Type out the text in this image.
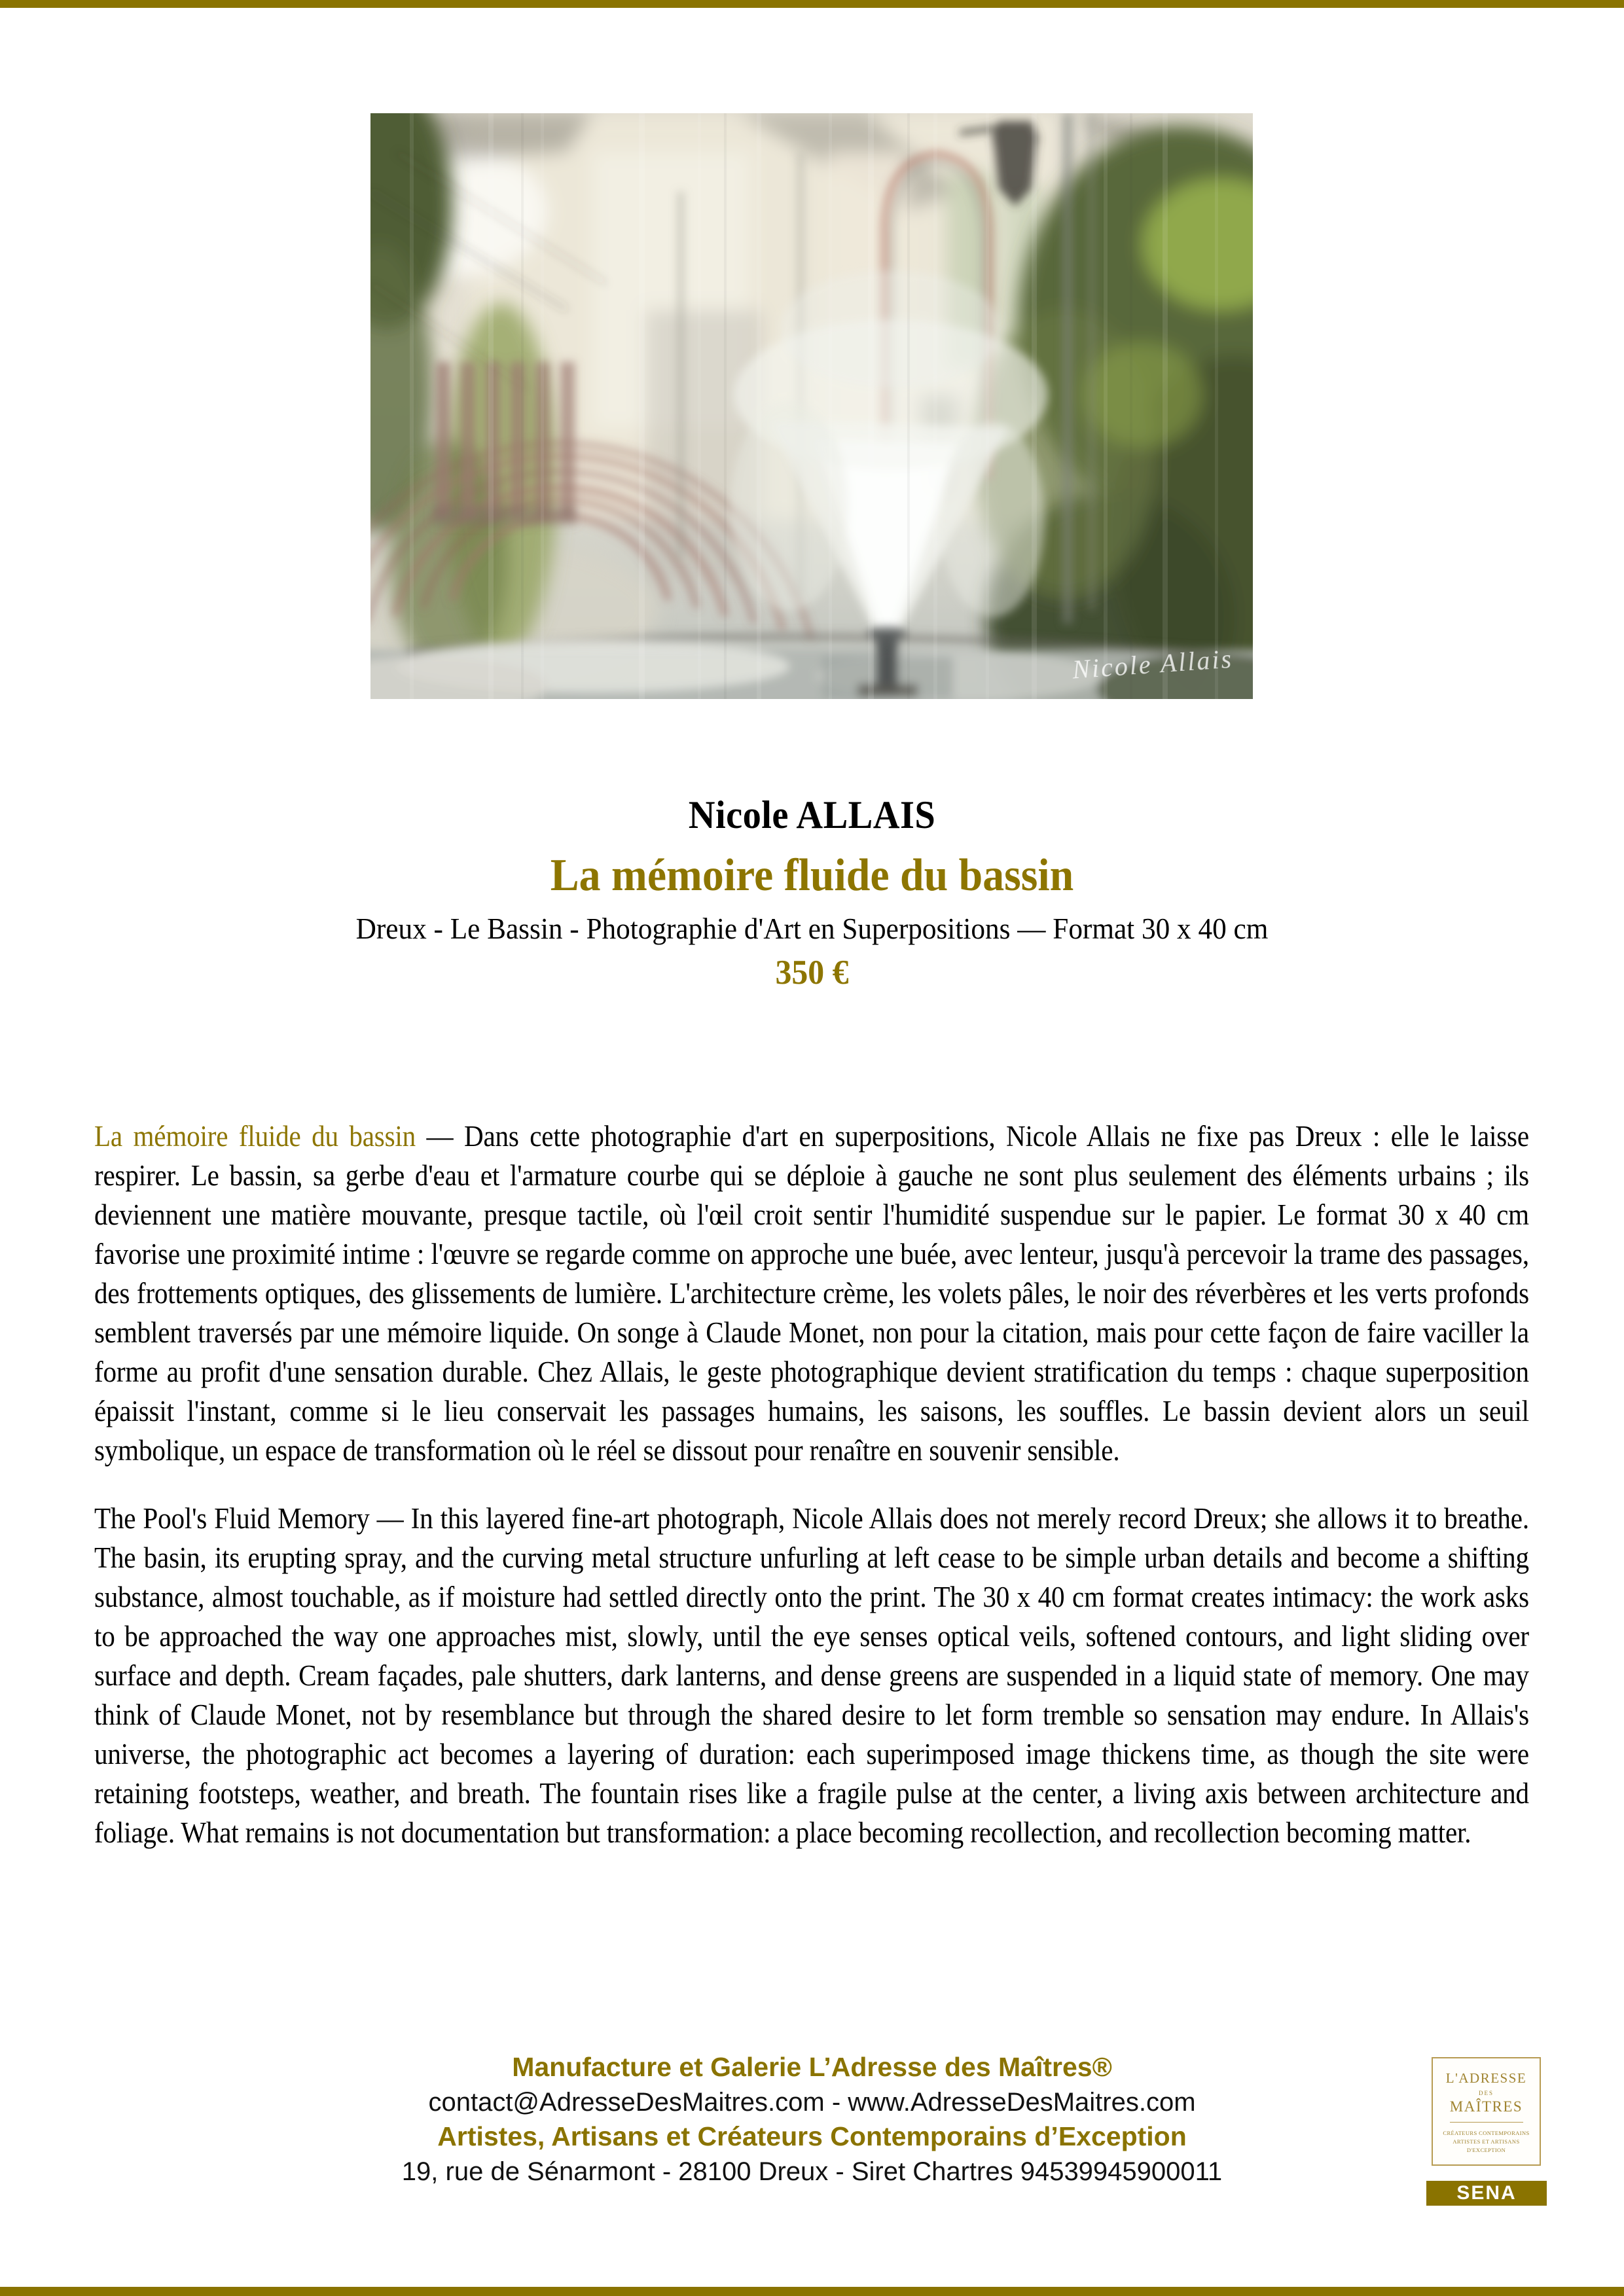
Nicole Allais
Nicole ALLAIS
La mémoire fluide du bassin
Dreux - Le Bassin - Photographie d'Art en Superpositions — Format 30 x 40 cm
350 €

La mémoire fluide du bassin — Dans cette photographie d'art en superpositions, Nicole Allais ne fixe pas Dreux : elle le laisse respirer. Le bassin, sa gerbe d'eau et l'armature courbe qui se déploie à gauche ne sont plus seulement des éléments urbains ; ils deviennent une matière mouvante, presque tactile, où l'œil croit sentir l'humidité suspendue sur le papier. Le format 30 x 40 cm favorise une proximité intime : l'œuvre se regarde comme on approche une buée, avec lenteur, jusqu'à percevoir la trame des passages, des frottements optiques, des glissements de lumière. L'architecture crème, les volets pâles, le noir des réverbères et les verts profonds semblent traversés par une mémoire liquide. On songe à Claude Monet, non pour la citation, mais pour cette façon de faire vaciller la forme au profit d'une sensation durable. Chez Allais, le geste photographique devient stratification du temps : chaque superposition épaissit l'instant, comme si le lieu conservait les passages humains, les saisons, les souffles. Le bassin devient alors un seuil symbolique, un espace de transformation où le réel se dissout pour renaître en souvenir sensible.

The Pool's Fluid Memory — In this layered fine-art photograph, Nicole Allais does not merely record Dreux; she allows it to breathe. The basin, its erupting spray, and the curving metal structure unfurling at left cease to be simple urban details and become a shifting substance, almost touchable, as if moisture had settled directly onto the print. The 30 x 40 cm format creates intimacy: the work asks to be approached the way one approaches mist, slowly, until the eye senses optical veils, softened contours, and light sliding over surface and depth. Cream façades, pale shutters, dark lanterns, and dense greens are suspended in a liquid state of memory. One may think of Claude Monet, not by resemblance but through the shared desire to let form tremble so sensation may endure. In Allais's universe, the photographic act becomes a layering of duration: each superimposed image thickens time, as though the site were retaining footsteps, weather, and breath. The fountain rises like a fragile pulse at the center, a living axis between architecture and foliage. What remains is not documentation but transformation: a place becoming recollection, and recollection becoming matter.

Manufacture et Galerie L’Adresse des Maîtres®
contact@AdresseDesMaitres.com - www.AdresseDesMaitres.com
Artistes, Artisans et Créateurs Contemporains d’Exception
19, rue de Sénarmont - 28100 Dreux - Siret Chartres 94539945900011
L'ADRESSE
DES
MAÎTRES
CRÉATEURS CONTEMPORAINS
ARTISTES ET ARTISANS
D'EXCEPTION
SENA
